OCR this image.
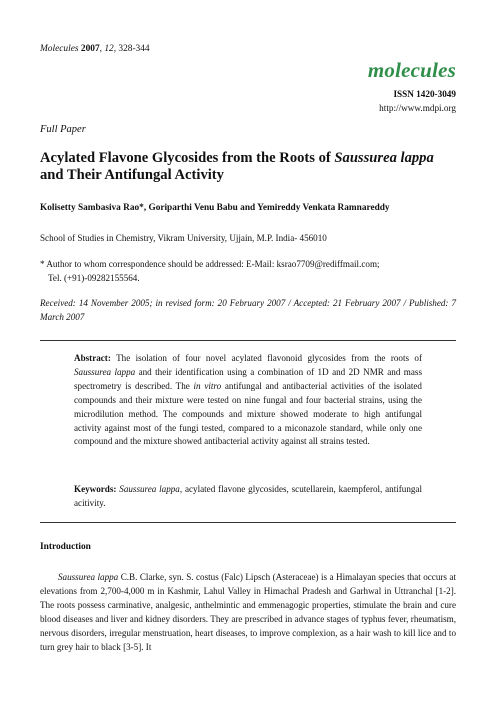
Molecules 2007, 12, 328-344
molecules
ISSN 1420-3049
http://www.mdpi.org
Full Paper
Acylated Flavone Glycosides from the Roots of Saussurea lappa and Their Antifungal Activity
Kolisetty Sambasiva Rao*, Goriparthi Venu Babu and Yemireddy Venkata Ramnareddy
School of Studies in Chemistry, Vikram University, Ujjain, M.P. India- 456010
* Author to whom correspondence should be addressed: E-Mail: ksrao7709@rediffmail.com;
Tel. (+91)-09282155564.
Received: 14 November 2005; in revised form: 20 February 2007 / Accepted: 21 February 2007 / Published: 7 March 2007
Abstract: The isolation of four novel acylated flavonoid glycosides from the roots of Saussurea lappa and their identification using a combination of 1D and 2D NMR and mass spectrometry is described. The in vitro antifungal and antibacterial activities of the isolated compounds and their mixture were tested on nine fungal and four bacterial strains, using the microdilution method. The compounds and mixture showed moderate to high antifungal activity against most of the fungi tested, compared to a miconazole standard, while only one compound and the mixture showed antibacterial activity against all strains tested.
Keywords: Saussurea lappa, acylated flavone glycosides, scutellarein, kaempferol, antifungal acitivity.
Introduction
Saussurea lappa C.B. Clarke, syn. S. costus (Falc) Lipsch (Asteraceae) is a Himalayan species that occurs at elevations from 2,700-4,000 m in Kashmir, Lahul Valley in Himachal Pradesh and Garhwal in Uttranchal [1-2]. The roots possess carminative, analgesic, anthelmintic and emmenagogic properties, stimulate the brain and cure blood diseases and liver and kidney disorders. They are prescribed in advance stages of typhus fever, rheumatism, nervous disorders, irregular menstruation, heart diseases, to improve complexion, as a hair wash to kill lice and to turn grey hair to black [3-5]. It
